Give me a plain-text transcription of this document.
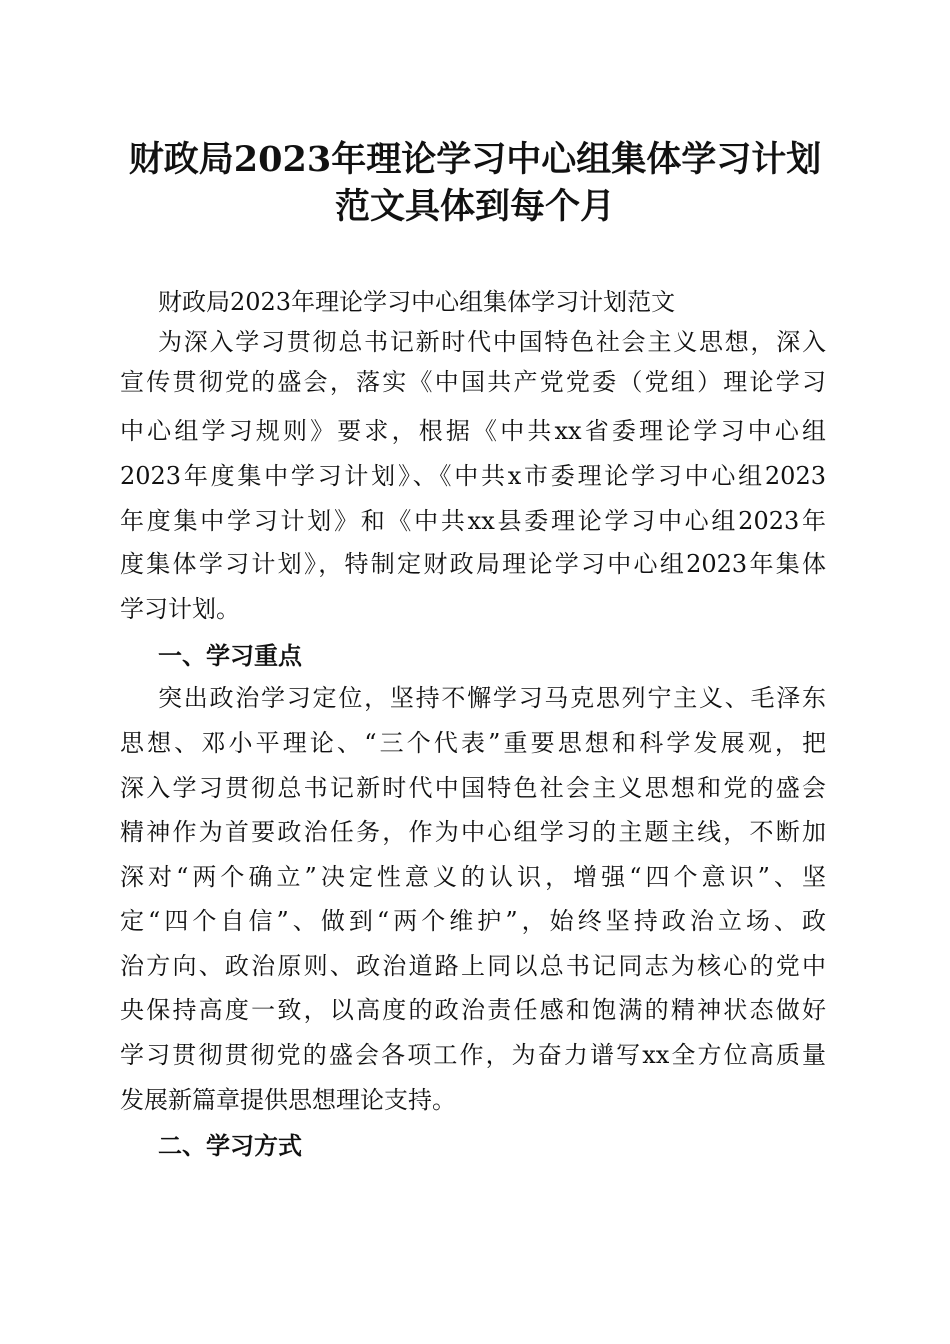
财政局2023年理论学习中心组集体学习计划
范文具体到每个月
财政局2023年理论学习中心组集体学习计划范文
为深入学习贯彻总书记新时代中国特色社会主义思想，深入
宣传贯彻党的盛会，落实《中国共产党党委（党组）理论学习
中心组学习规则》要求，根据《中共xx省委理论学习中心组
2023年度集中学习计划》、《中共x市委理论学习中心组2023
年度集中学习计划》和《中共xx县委理论学习中心组2023年
度集体学习计划》，特制定财政局理论学习中心组2023年集体
学习计划。
一、学习重点
突出政治学习定位，坚持不懈学习马克思列宁主义、毛泽东
思想、邓小平理论、“三个代表”重要思想和科学发展观，把
深入学习贯彻总书记新时代中国特色社会主义思想和党的盛会
精神作为首要政治任务，作为中心组学习的主题主线，不断加
深对“两个确立”决定性意义的认识，增强“四个意识”、坚
定“四个自信”、做到“两个维护”，始终坚持政治立场、政
治方向、政治原则、政治道路上同以总书记同志为核心的党中
央保持高度一致，以高度的政治责任感和饱满的精神状态做好
学习贯彻贯彻党的盛会各项工作，为奋力谱写xx全方位高质量
发展新篇章提供思想理论支持。
二、学习方式
